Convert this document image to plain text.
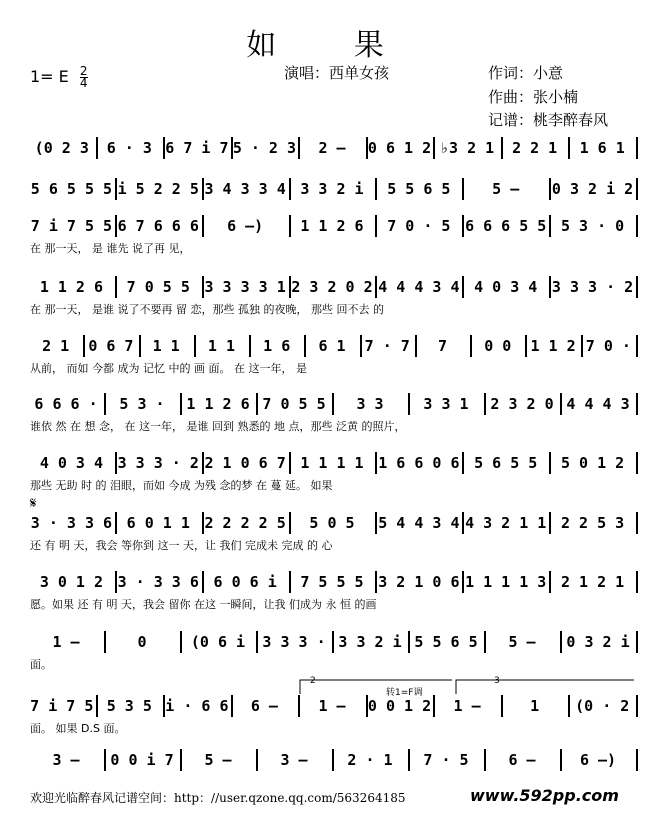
如 果
1= E $\frac{2}{4}$	演唱：西单女孩	作词：小意
作曲：张小楠
记谱：桃李醉春风
(0 2 3	6 · 3 6 7 i 7 5 · 2 3	2 –	0 6 1 2 ♭3 2 1	2 2 1	1 6 1
5 6 5 5 5 i 5 2 2 5 3 4 3 3 4 3 3 2 i	5 5 6 5	5 –	0 3 2 i 2
7 i 7 5 5 6 7 6 6 6	6 –)	1 1 2 6	7 0 · 5 6 6 6 5 5 5 3 · 0
在 那一天， 是 谁先 说了再 见，
1 1 2 6	7 0 5 5 3 3 3 3 1 2 3 2 0 2 4 4 4 3 4 4 0 3 4 3 3 3 · 2
在 那一天， 是谁 说了不要再 留 恋，那些 孤独 的夜晚， 那些 回不去 的
2 1	0 6 7	1 1	1 1	1 6	6 1	7 · 7	7	0 0	1 1 2 7 0 ·
从前， 而如 今都 成为 记忆 中的 画 面。 在 这一年， 是
6 6 6 ·	5 3 ·	1 1 2 6 7 0 5 5	3 3	3 3 1	2 3 2 0 4 4 4 3
谁依 然 在 想 念， 在 这一年， 是谁 回到 熟悉的 地 点，那些 泛黄 的照片，
4 0 3 4 3 3 3 · 2 2 1 0 6 7 1 1 1 1 1 6 6 0 6 5 6 5 5	5 0 1 2
那些 无助 时 的 泪眼，而如 今成 为残 念的梦 在 蔓 延。 如果
3 · 3 3 6 6 0 1 1 2 2 2 2 5	5 0 5	5 4 4 3 4 4 3 2 1 1 2 2 5 3
还 有 明 天，我会 等你到 这一 天，让 我们 完成未 完成 的 心
3 0 1 2 3 · 3 3 6 6 0 6 i	7 5 5 5 3 2 1 0 6 1 1 1 1 3 2 1 2 1
愿。如果 还 有 明 天，我会 留你 在这 一瞬间，让我 们成为 永 恒 的画
1 –	0	(0 6 i	3 3 3 · 3 3 2 i 5 5 6 5	5 –	0 3 2 i
面。
7 i 7 5 5 3 5 i · 6 6	6 –	1 –	0 0 1 2	1 –	1	(0 · 2
面。 如果 D.S 面。
3 –	0 0 i 7	5 –	3 –	2 · 1	7 · 5	6 –	6 –)
2	3
转1=F调
𝄋
欢迎光临醉春风记谱空间：http：//user.qzone.qq.com/563264185	www.592pp.com
